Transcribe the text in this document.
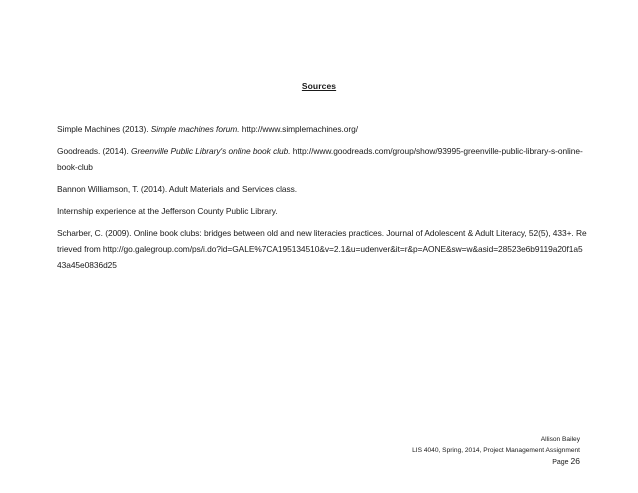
Sources

Simple Machines (2013). Simple machines forum. http://www.simplemachines.org/

Goodreads. (2014). Greenville Public Library's online book club. http://www.goodreads.com/group/show/93995-greenville-public-library-s-online-book-club

Bannon Williamson, T. (2014). Adult Materials and Services class.

Internship experience at the Jefferson County Public Library.

Scharber, C. (2009). Online book clubs: bridges between old and new literacies practices. Journal of Adolescent & Adult Literacy, 52(5), 433+. Retrieved from http://go.galegroup.com/ps/i.do?id=GALE%7CA195134510&v=2.1&u=udenver&it=r&p=AONE&sw=w&asid=28523e6b9119a20f1a543a45e0836d25

Allison Bailey
LIS 4040, Spring, 2014, Project Management Assignment
Page 26
